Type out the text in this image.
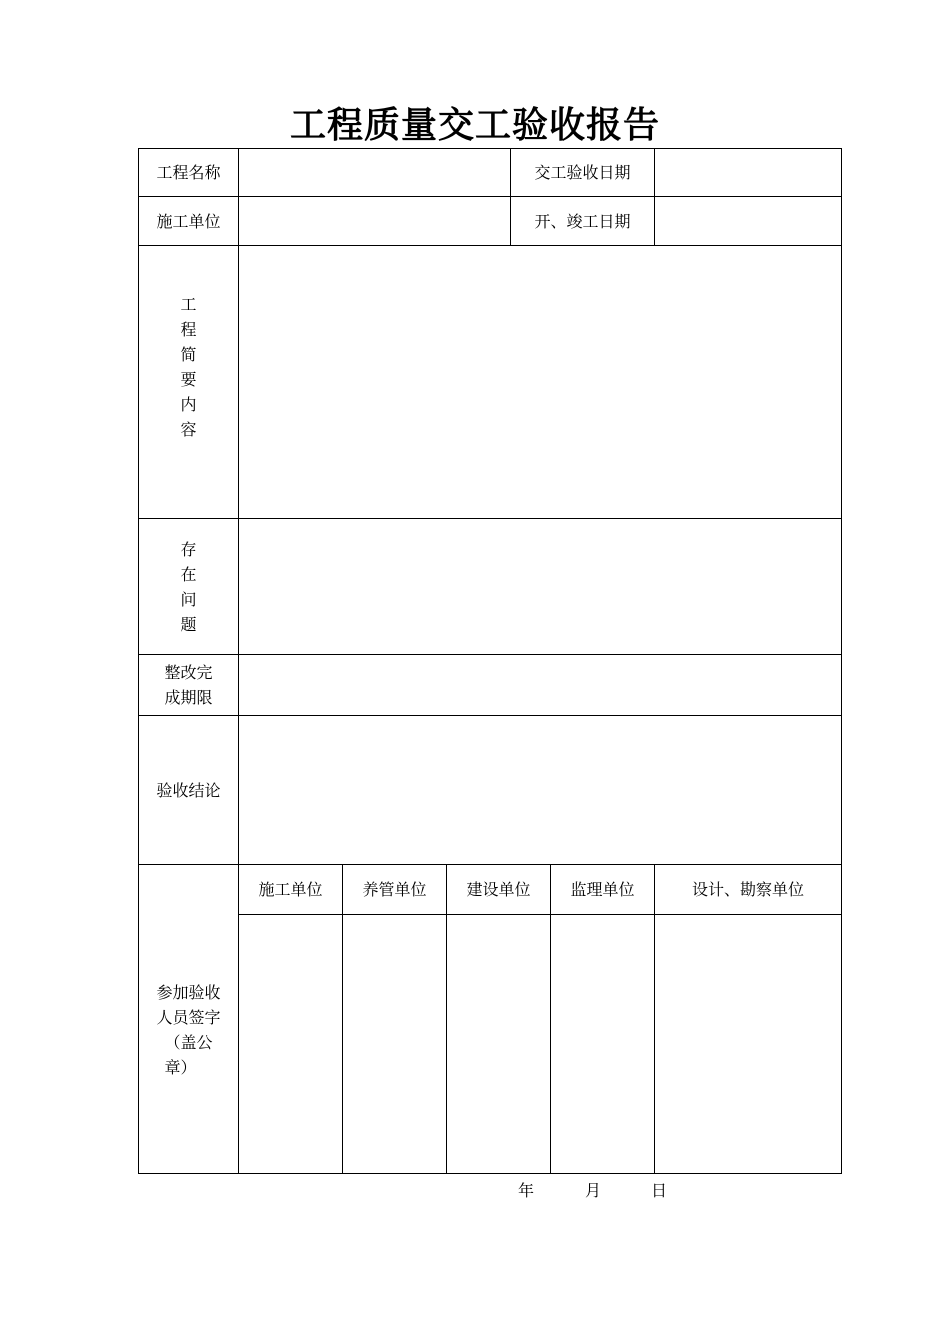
工程质量交工验收报告
工程名称	交工验收日期
施工单位	开、竣工日期
工
程
简
要
内
容
存
在
问
题
整改完
成期限
验收结论
参加验收
人员签字
（盖公
章）
施工单位	养管单位	建设单位	监理单位	设计、勘察单位
年	月	日
